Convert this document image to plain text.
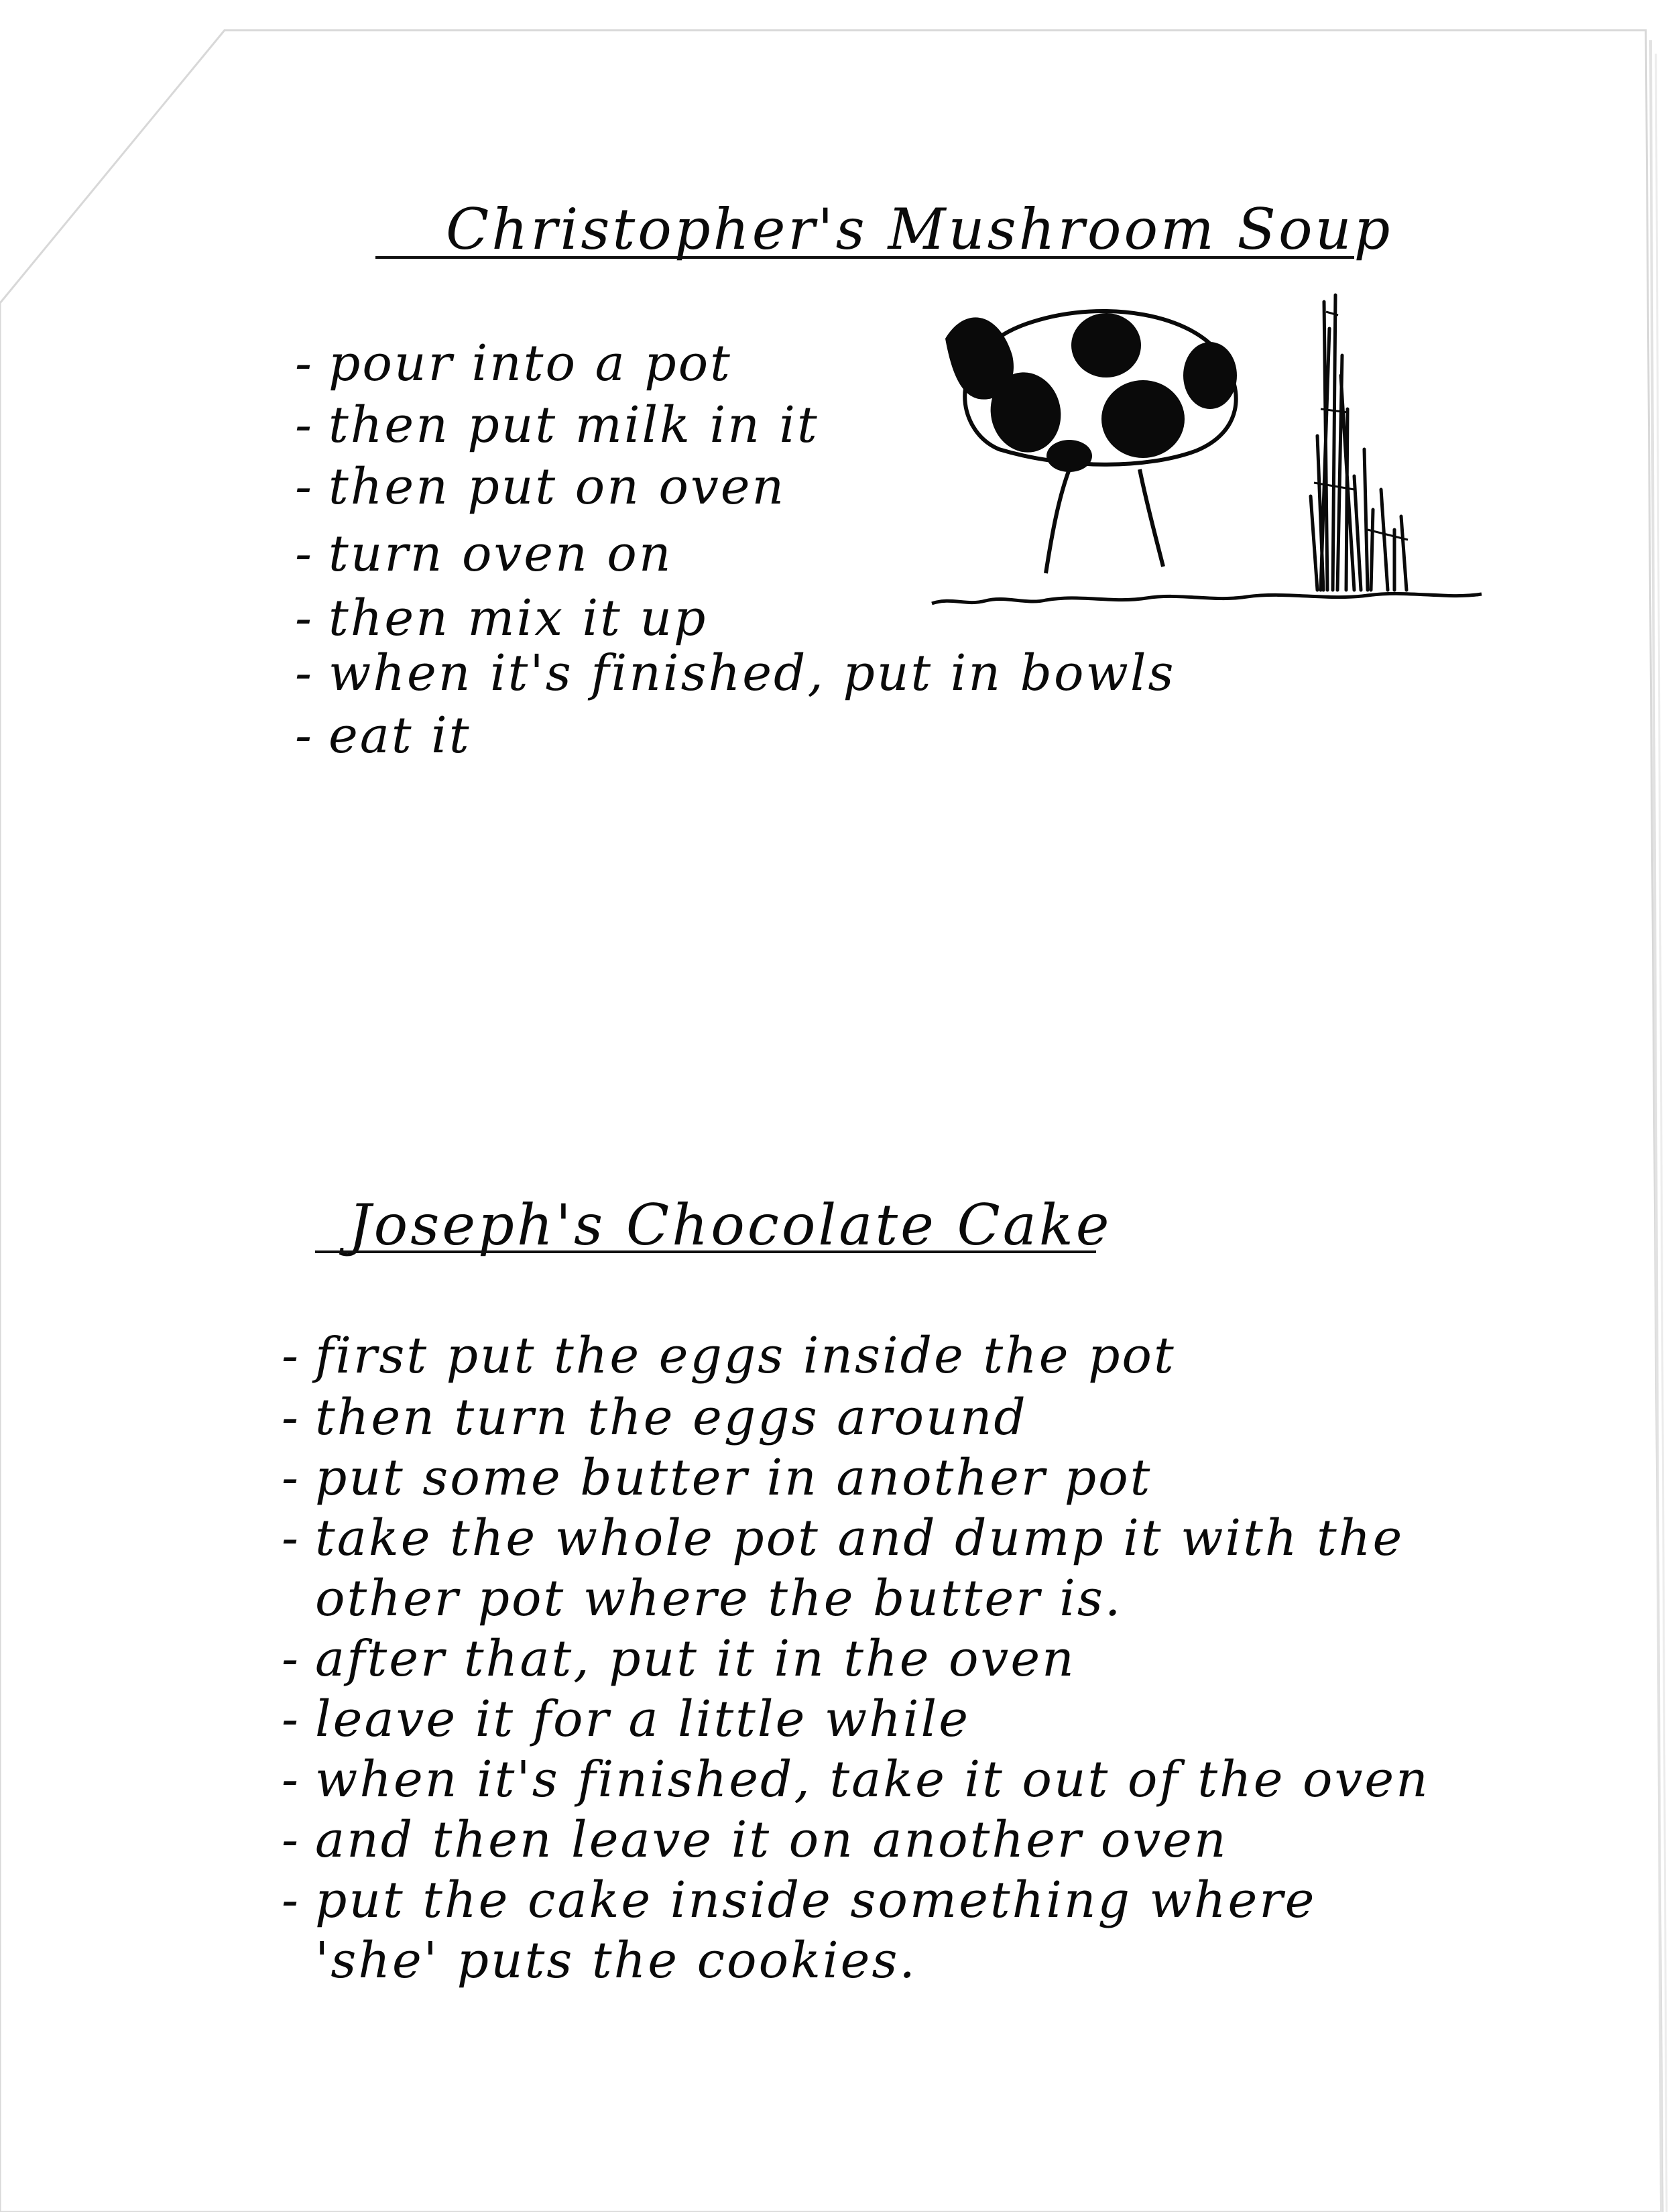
Christopher's Mushroom Soup
- pour into a pot
- then put milk in it
- then put on oven
- turn oven on
- then mix it up
- when it's finished, put in bowls
- eat it
Joseph's Chocolate Cake
- first put the eggs inside the pot
- then turn the eggs around
- put some butter in another pot
- take the whole pot and dump it with the
other pot where the butter is.
- after that, put it in the oven
- leave it for a little while
- when it's finished, take it out of the oven
- and then leave it on another oven
- put the cake inside something where
'she' puts the cookies.
